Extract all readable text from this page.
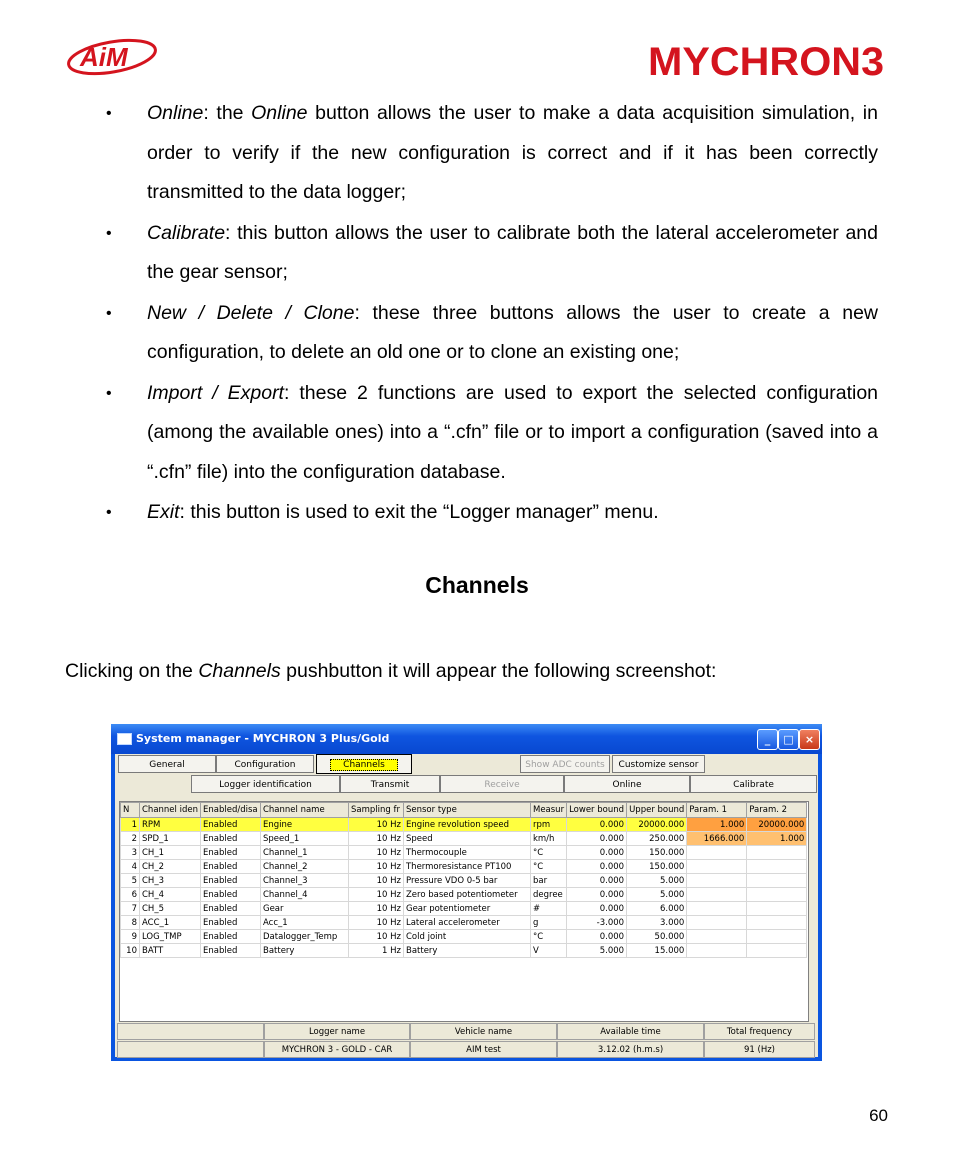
AiM	MYCHRON3
• Online: the Online button allows the user to make a data acquisition simulation, in order to verify if the new configuration is correct and if it has been correctly transmitted to the data logger;
• Calibrate: this button allows the user to calibrate both the lateral accelerometer and the gear sensor;
• New / Delete / Clone: these three buttons allows the user to create a new configuration, to delete an old one or to clone an existing one;
• Import / Export: these 2 functions are used to export the selected configuration (among the available ones) into a “.cfn” file or to import a configuration (saved into a “.cfn” file) into the configuration database.
• Exit: this button is used to exit the “Logger manager” menu.
Channels
Clicking on the Channels pushbutton it will appear the following screenshot:
System manager - MYCHRON 3 Plus/Gold	_	□	×
General	Configuration	Channels	Show ADC counts	Customize sensor
Logger identification	Transmit	Receive	Online	Calibrate
N	Channel iden	Enabled/disa	Channel name	Sampling fr	Sensor type	Measur	Lower bound	Upper bound	Param. 1	Param. 2
1	RPM	Enabled	Engine	10 Hz	Engine revolution speed	rpm	0.000	20000.000	1.000	20000.000
2	SPD_1	Enabled	Speed_1	10 Hz	Speed	km/h	0.000	250.000	1666.000	1.000
3	CH_1	Enabled	Channel_1	10 Hz	Thermocouple	°C	0.000	150.000		
4	CH_2	Enabled	Channel_2	10 Hz	Thermoresistance PT100	°C	0.000	150.000		
5	CH_3	Enabled	Channel_3	10 Hz	Pressure VDO 0-5 bar	bar	0.000	5.000		
6	CH_4	Enabled	Channel_4	10 Hz	Zero based potentiometer	degree	0.000	5.000		
7	CH_5	Enabled	Gear	10 Hz	Gear potentiometer	#	0.000	6.000		
8	ACC_1	Enabled	Acc_1	10 Hz	Lateral accelerometer	g	-3.000	3.000		
9	LOG_TMP	Enabled	Datalogger_Temp	10 Hz	Cold joint	°C	0.000	50.000		
10	BATT	Enabled	Battery	1 Hz	Battery	V	5.000	15.000		
Logger name	Vehicle name	Available time	Total frequency
MYCHRON 3 - GOLD - CAR	AIM test	3.12.02 (h.m.s)	91 (Hz)
60
